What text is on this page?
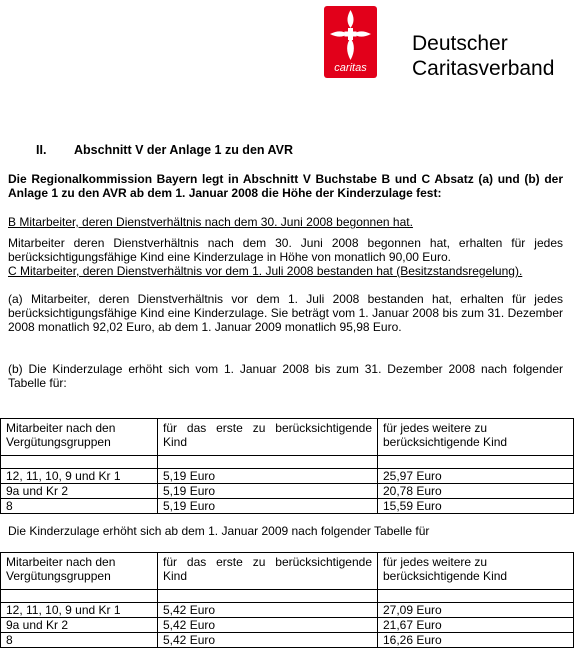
caritas
Deutscher
Caritasverband
II. Abschnitt V der Anlage 1 zu den AVR
Die Regionalkommission Bayern legt in Abschnitt V Buchstabe B und C Absatz (a) und (b) der Anlage 1 zu den AVR ab dem 1. Januar 2008 die Höhe der Kinderzulage fest:
B Mitarbeiter, deren Dienstverhältnis nach dem 30. Juni 2008 begonnen hat.
Mitarbeiter deren Dienstverhältnis nach dem 30. Juni 2008 begonnen hat, erhalten für jedes berücksichtigungsfähige Kind eine Kinderzulage in Höhe von monatlich 90,00 Euro.
C Mitarbeiter, deren Dienstverhältnis vor dem 1. Juli 2008 bestanden hat (Besitzstandsregelung).
(a) Mitarbeiter, deren Dienstverhältnis vor dem 1. Juli 2008 bestanden hat, erhalten für jedes berücksichtigungsfähige Kind eine Kinderzulage. Sie beträgt vom 1. Januar 2008 bis zum 31. Dezember 2008 monatlich 92,02 Euro, ab dem 1. Januar 2009 monatlich 95,98 Euro.
(b) Die Kinderzulage erhöht sich vom 1. Januar 2008 bis zum 31. Dezember 2008 nach folgender Tabelle für:
Mitarbeiter nach den Vergütungsgruppen	für das erste zu berücksichtigende Kind	für jedes weitere zu berücksichtigende Kind

12, 11, 10, 9 und Kr 1	5,19 Euro	25,97 Euro
9a und Kr 2	5,19 Euro	20,78 Euro
8	5,19 Euro	15,59 Euro
Die Kinderzulage erhöht sich ab dem 1. Januar 2009 nach folgender Tabelle für
Mitarbeiter nach den Vergütungsgruppen	für das erste zu berücksichtigende Kind	für jedes weitere zu berücksichtigende Kind

12, 11, 10, 9 und Kr 1	5,42 Euro	27,09 Euro
9a und Kr 2	5,42 Euro	21,67 Euro
8	5,42 Euro	16,26 Euro
